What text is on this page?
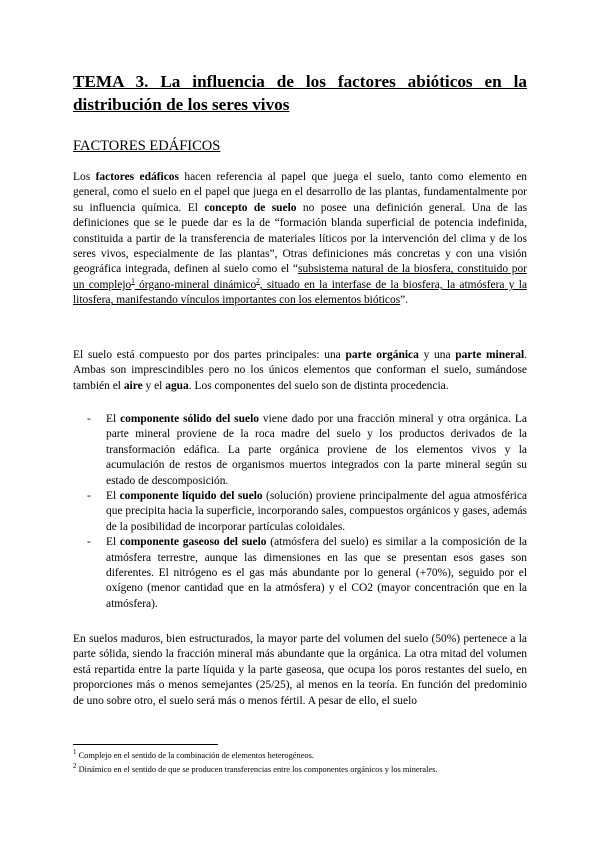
TEMA 3. La influencia de los factores abióticos en la distribución de los seres vivos
FACTORES EDÁFICOS

Los factores edáficos hacen referencia al papel que juega el suelo, tanto como elemento en general, como el suelo en el papel que juega en el desarrollo de las plantas, fundamentalmente por su influencia química. El concepto de suelo no posee una definición general. Una de las definiciones que se le puede dar es la de “formación blanda superficial de potencia indefinida, constituida a partir de la transferencia de materiales líticos por la intervención del clima y de los seres vivos, especialmente de las plantas”, Otras definiciones más concretas y con una visión geográfica integrada, definen al suelo como el “subsistema natural de la biosfera, constituido por un complejo$^1$ órgano-mineral dinámico$^2$, situado en la interfase de la biosfera, la atmósfera y la litosfera, manifestando vínculos importantes con los elementos bióticos”.

El suelo está compuesto por dos partes principales: una parte orgánica y una parte mineral. Ambas son imprescindibles pero no los únicos elementos que conforman el suelo, sumándose también el aire y el agua. Los componentes del suelo son de distinta procedencia.

- El componente sólido del suelo viene dado por una fracción mineral y otra orgánica. La parte mineral proviene de la roca madre del suelo y los productos derivados de la transformación edáfica. La parte orgánica proviene de los elementos vivos y la acumulación de restos de organismos muertos integrados con la parte mineral según su estado de descomposición.
- El componente líquido del suelo (solución) proviene principalmente del agua atmosférica que precipita hacia la superficie, incorporando sales, compuestos orgánicos y gases, además de la posibilidad de incorporar partículas coloidales.
- El componente gaseoso del suelo (atmósfera del suelo) es similar a la composición de la atmósfera terrestre, aunque las dimensiones en las que se presentan esos gases son diferentes. El nitrógeno es el gas más abundante por lo general (+70%), seguido por el oxígeno (menor cantidad que en la atmósfera) y el CO2 (mayor concentración que en la atmósfera).

En suelos maduros, bien estructurados, la mayor parte del volumen del suelo (50%) pertenece a la parte sólida, siendo la fracción mineral más abundante que la orgánica. La otra mitad del volumen está repartida entre la parte líquida y la parte gaseosa, que ocupa los poros restantes del suelo, en proporciones más o menos semejantes (25/25), al menos en la teoría. En función del predominio de uno sobre otro, el suelo será más o menos fértil. A pesar de ello, el suelo

$^1$ Complejo en el sentido de la combinación de elementos heterogéneos.

$^2$ Dinámico en el sentido de que se producen transferencias entre los componentes orgánicos y los minerales.
